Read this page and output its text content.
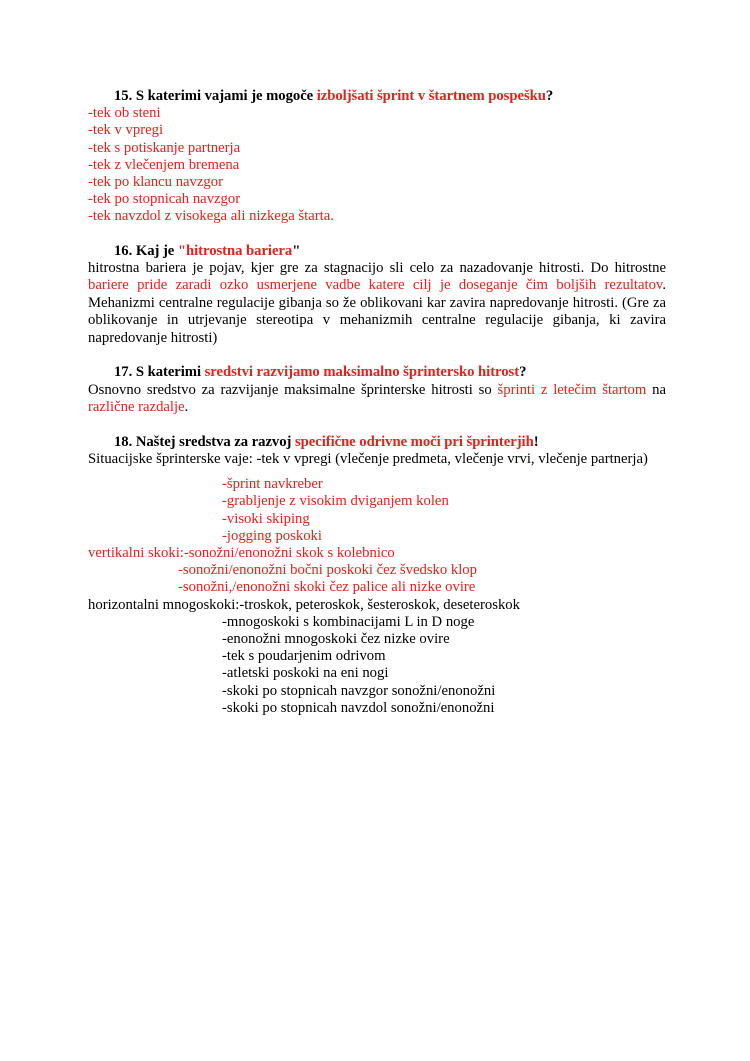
15. S katerimi vajami je mogoče izboljšati šprint v štartnem pospešku?

-tek ob steni

-tek v vpregi

-tek s potiskanje partnerja

-tek z vlečenjem bremena

-tek po klancu navzgor

-tek po stopnicah navzgor

-tek navzdol z visokega ali nizkega štarta.

16. Kaj je "hitrostna bariera"

hitrostna bariera je pojav, kjer gre za stagnacijo sli celo za nazadovanje hitrosti. Do hitrostne bariere pride zaradi ozko usmerjene vadbe katere cilj je doseganje čim boljših rezultatov. Mehanizmi centralne regulacije gibanja so že oblikovani kar zavira napredovanje hitrosti. (Gre za oblikovanje in utrjevanje stereotipa v mehanizmih centralne regulacije gibanja, ki zavira napredovanje hitrosti)

17. S katerimi sredstvi razvijamo maksimalno šprintersko hitrost?

Osnovno sredstvo za razvijanje maksimalne šprinterske hitrosti so šprinti z letečim štartom na različne razdalje.

18. Naštej sredstva za razvoj specifične odrivne moči pri šprinterjih!

Situacijske šprinterske vaje: -tek v vpregi (vlečenje predmeta, vlečenje vrvi, vlečenje partnerja)

-šprint navkreber

-grabljenje z visokim dviganjem kolen

-visoki skiping

-jogging poskoki

vertikalni skoki:-sonožni/enonožni skok s kolebnico

-sonožni/enonožni bočni poskoki čez švedsko klop

-sonožni,/enonožni skoki čez palice ali nizke ovire

horizontalni mnogoskoki:-troskok, peteroskok, šesteroskok, deseteroskok

-mnogoskoki s kombinacijami L in D noge

-enonožni mnogoskoki čez nizke ovire

-tek s poudarjenim odrivom

-atletski poskoki na eni nogi

-skoki po stopnicah navzgor sonožni/enonožni

-skoki po stopnicah navzdol sonožni/enonožni
